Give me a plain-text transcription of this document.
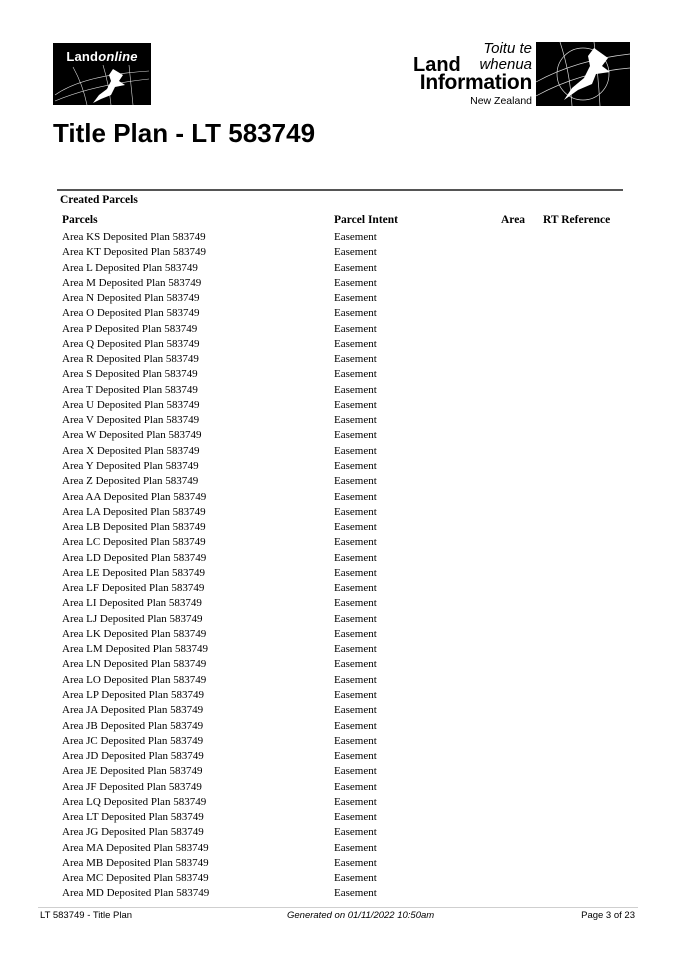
Landonline	Toitu te
Land whenua
Information
New Zealand
Title Plan - LT 583749
Created Parcels
Parcels	Parcel Intent	Area RT Reference
Area KS Deposited Plan 583749	Easement
Area KT Deposited Plan 583749	Easement
Area L Deposited Plan 583749	Easement
Area M Deposited Plan 583749	Easement
Area N Deposited Plan 583749	Easement
Area O Deposited Plan 583749	Easement
Area P Deposited Plan 583749	Easement
Area Q Deposited Plan 583749	Easement
Area R Deposited Plan 583749	Easement
Area S Deposited Plan 583749	Easement
Area T Deposited Plan 583749	Easement
Area U Deposited Plan 583749	Easement
Area V Deposited Plan 583749	Easement
Area W Deposited Plan 583749	Easement
Area X Deposited Plan 583749	Easement
Area Y Deposited Plan 583749	Easement
Area Z Deposited Plan 583749	Easement
Area AA Deposited Plan 583749	Easement
Area LA Deposited Plan 583749	Easement
Area LB Deposited Plan 583749	Easement
Area LC Deposited Plan 583749	Easement
Area LD Deposited Plan 583749	Easement
Area LE Deposited Plan 583749	Easement
Area LF Deposited Plan 583749	Easement
Area LI Deposited Plan 583749	Easement
Area LJ Deposited Plan 583749	Easement
Area LK Deposited Plan 583749	Easement
Area LM Deposited Plan 583749	Easement
Area LN Deposited Plan 583749	Easement
Area LO Deposited Plan 583749	Easement
Area LP Deposited Plan 583749	Easement
Area JA Deposited Plan 583749	Easement
Area JB Deposited Plan 583749	Easement
Area JC Deposited Plan 583749	Easement
Area JD Deposited Plan 583749	Easement
Area JE Deposited Plan 583749	Easement
Area JF Deposited Plan 583749	Easement
Area LQ Deposited Plan 583749	Easement
Area LT Deposited Plan 583749	Easement
Area JG Deposited Plan 583749	Easement
Area MA Deposited Plan 583749	Easement
Area MB Deposited Plan 583749	Easement
Area MC Deposited Plan 583749	Easement
Area MD Deposited Plan 583749	Easement
LT 583749 - Title Plan	Generated on 01/11/2022 10:50am	Page 3 of 23
